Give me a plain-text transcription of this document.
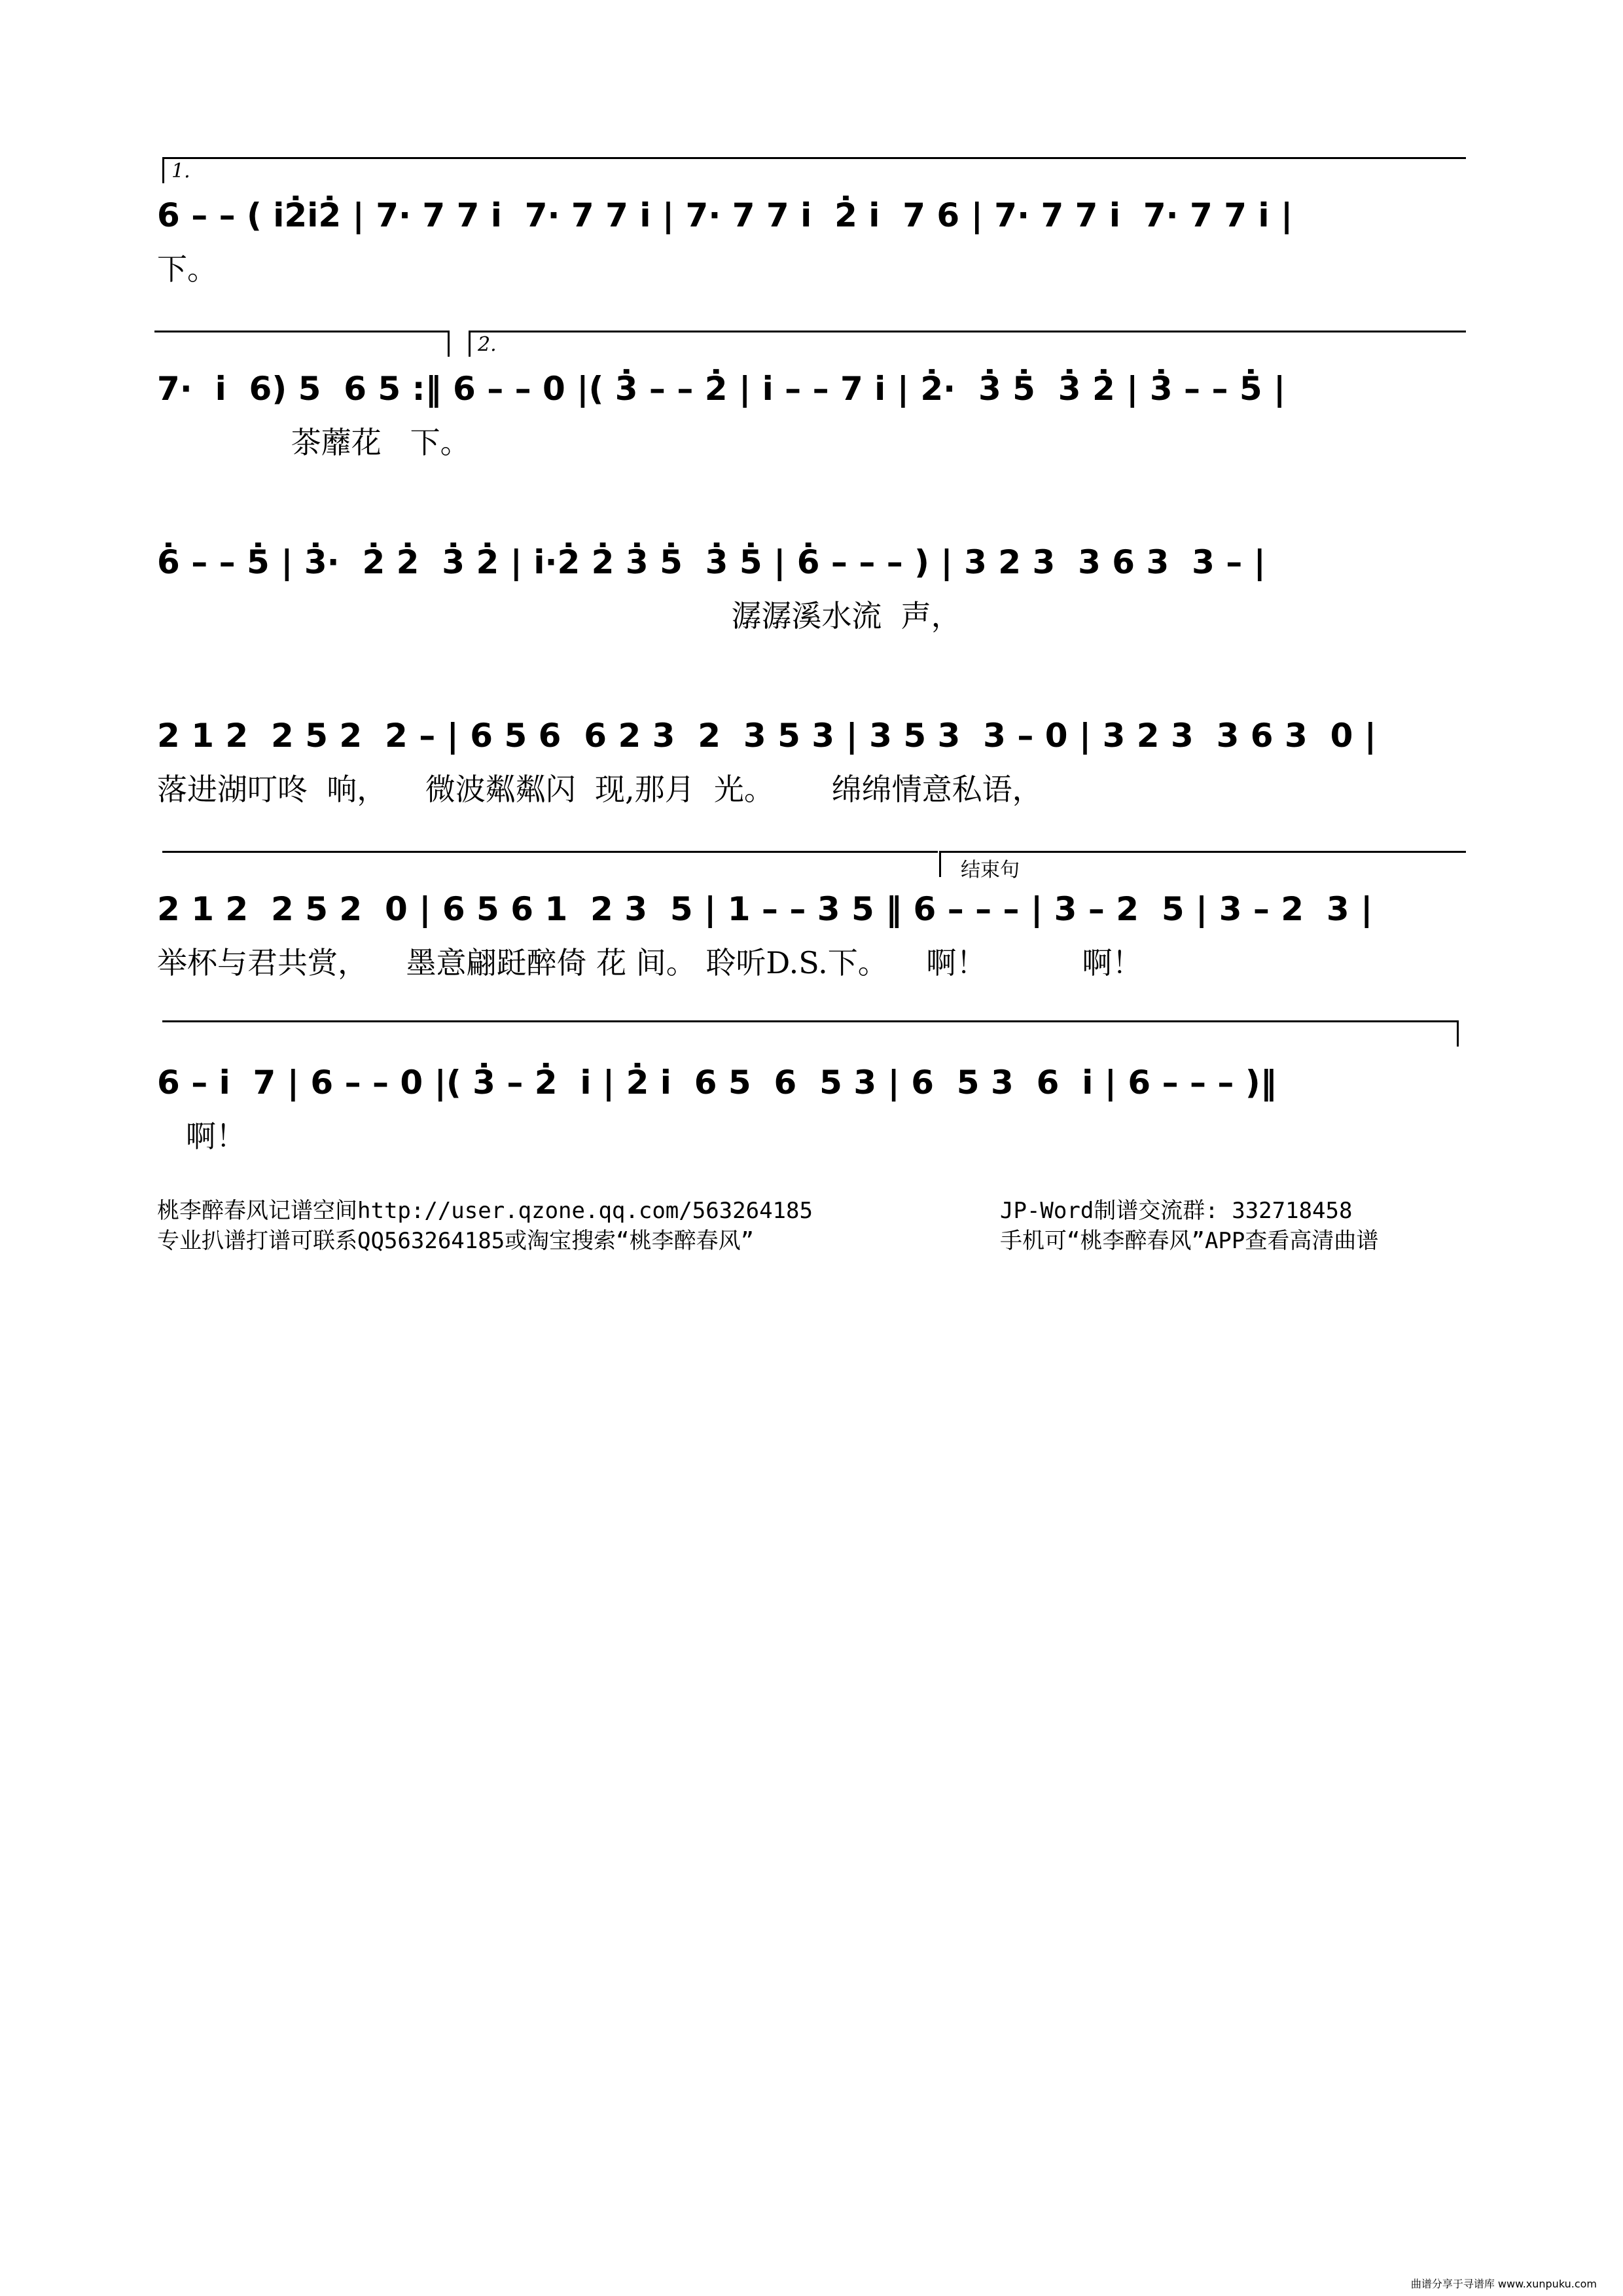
1.
6 – – ( i̇2̇i̇2̇ | 7· 7 7 i̇  7· 7 7 i̇ | 7· 7 7 i̇  2̇ i̇  7 6 | 7· 7 7 i̇  7· 7 7 i̇ |
下。
2.
7·  i̇  6) 5  6 5 :‖ 6 – – 0 |( 3̇ – – 2̇ | i̇ – – 7 i̇ | 2̇·  3̇ 5̇  3̇ 2̇ | 3̇ – – 5̇ |
茶蘼花   下。
6̇ – – 5̇ | 3̇·  2̇ 2̇  3̇ 2̇ | i̇·2̇ 2̇ 3̇ 5̇  3̇ 5̇ | 6̇ – – – ) | 3 2 3  3 6 3  3 – |
潺潺溪水流  声，
2 1 2  2 5 2  2 – | 6 5 6  6 2 3  2  3 5 3 | 3 5 3  3 – 0 | 3 2 3  3 6 3  0 |
落进湖叮咚  响，    微波粼粼闪  现,那月  光。      绵绵情意私语，
结束句
2 1 2  2 5 2  0 | 6 5 6 1  2 3  5 | 1 – – 3 5 ‖ 6 – – – | 3 – 2  5 | 3 – 2  3 |
举杯与君共赏，    墨意翩跹醉倚 花 间。 聆听D.S.下。    啊！          啊！
6 – i̇  7 | 6 – – 0 |( 3̇ – 2̇  i̇ | 2̇ i̇  6 5  6  5 3 | 6  5 3  6  i̇ | 6 – – – )‖
啊！
桃李醉春风记谱空间http://user.qzone.qq.com/563264185	JP-Word制谱交流群: 332718458
专业扒谱打谱可联系QQ563264185或淘宝搜索“桃李醉春风”	手机可“桃李醉春风”APP查看高清曲谱
曲谱分享于寻谱库 www.xunpuku.com
